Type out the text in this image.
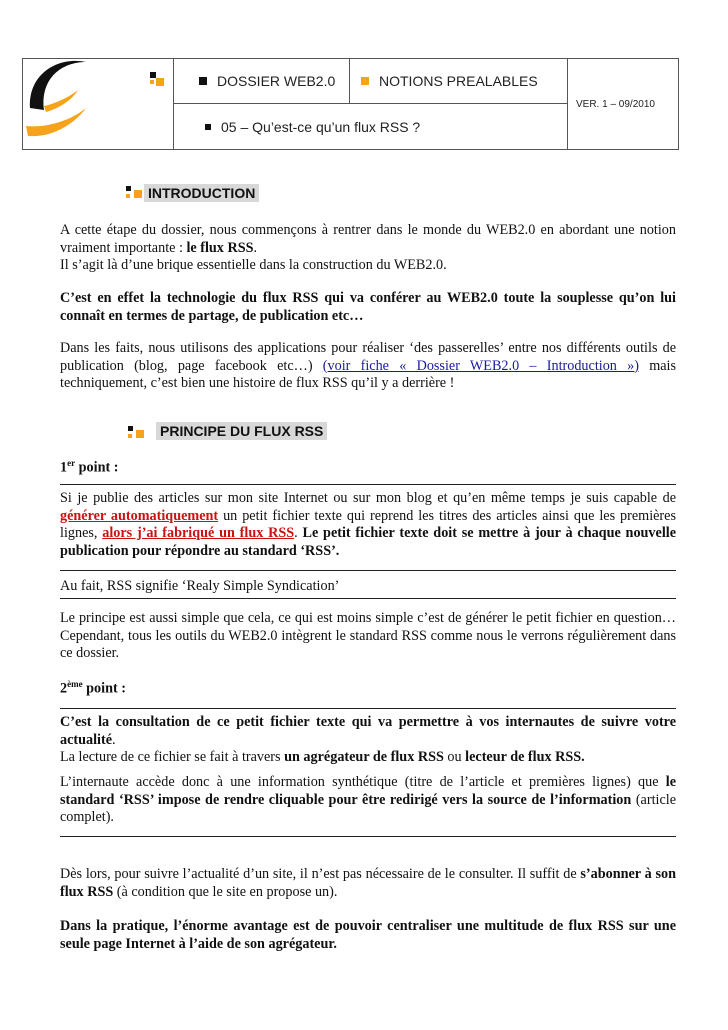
DOSSIER WEB2.0	NOTIONS PREALABLES
VER. 1 – 09/2010
05 – Qu’est-ce qu’un flux RSS ?
INTRODUCTION
A cette étape du dossier, nous commençons à rentrer dans le monde du WEB2.0 en abordant une notion vraiment importante : le flux RSS.
Il s’agit là d’une brique essentielle dans la construction du WEB2.0.
C’est en effet la technologie du flux RSS qui va conférer au WEB2.0 toute la souplesse qu’on lui connaît en termes de partage, de publication etc…
Dans les faits, nous utilisons des applications pour réaliser ‘des passerelles’ entre nos différents outils de publication (blog, page facebook etc…) (voir fiche « Dossier WEB2.0 – Introduction ») mais techniquement, c’est bien une histoire de flux RSS qu’il y a derrière !
PRINCIPE DU FLUX RSS
1er point :
Si je publie des articles sur mon site Internet ou sur mon blog et qu’en même temps je suis capable de générer automatiquement un petit fichier texte qui reprend les titres des articles ainsi que les premières lignes, alors j’ai fabriqué un flux RSS. Le petit fichier texte doit se mettre à jour à chaque nouvelle publication pour répondre au standard ‘RSS’.
Au fait, RSS signifie ‘Realy Simple Syndication’
Le principe est aussi simple que cela, ce qui est moins simple c’est de générer le petit fichier en question…Cependant, tous les outils du WEB2.0 intègrent le standard RSS comme nous le verrons régulièrement dans ce dossier.
2ème point :
C’est la consultation de ce petit fichier texte qui va permettre à vos internautes de suivre votre actualité.
La lecture de ce fichier se fait à travers un agrégateur de flux RSS ou lecteur de flux RSS.
L’internaute accède donc à une information synthétique (titre de l’article et premières lignes) que le standard ‘RSS’ impose de rendre cliquable pour être redirigé vers la source de l’information (article complet).
Dès lors, pour suivre l’actualité d’un site, il n’est pas nécessaire de le consulter. Il suffit de s’abonner à son flux RSS (à condition que le site en propose un).
Dans la pratique, l’énorme avantage est de pouvoir centraliser une multitude de flux RSS sur une seule page Internet à l’aide de son agrégateur.
